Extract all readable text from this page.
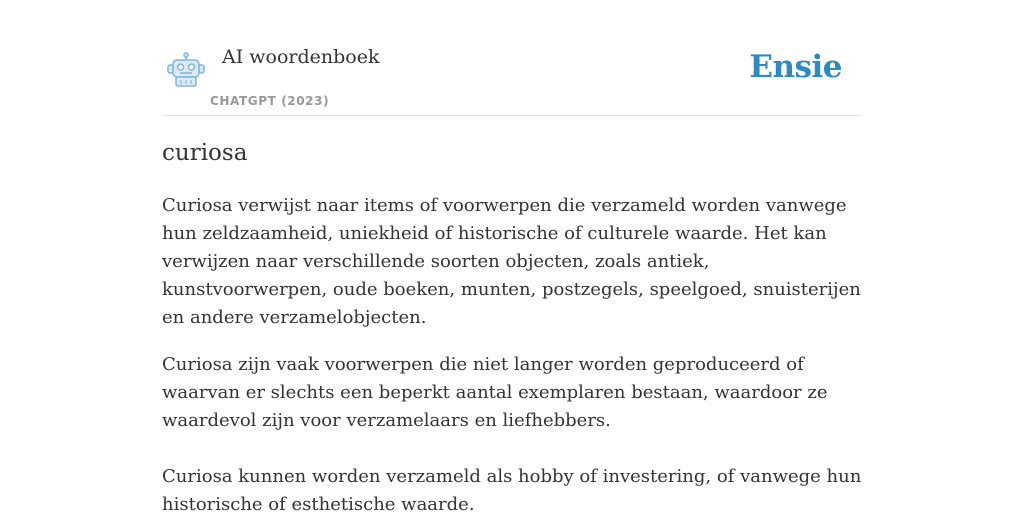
AI woordenboek
CHATGPT (2023)
Ensie
curiosa

Curiosa verwijst naar items of voorwerpen die verzameld worden vanwege hun zeldzaamheid, uniekheid of historische of culturele waarde. Het kan verwijzen naar verschillende soorten objecten, zoals antiek, kunstvoorwerpen, oude boeken, munten, postzegels, speelgoed, snuisterijen en andere verzamelobjecten.

Curiosa zijn vaak voorwerpen die niet langer worden geproduceerd of waarvan er slechts een beperkt aantal exemplaren bestaan, waardoor ze waardevol zijn voor verzamelaars en liefhebbers.

Curiosa kunnen worden verzameld als hobby of investering, of vanwege hun historische of esthetische waarde.
